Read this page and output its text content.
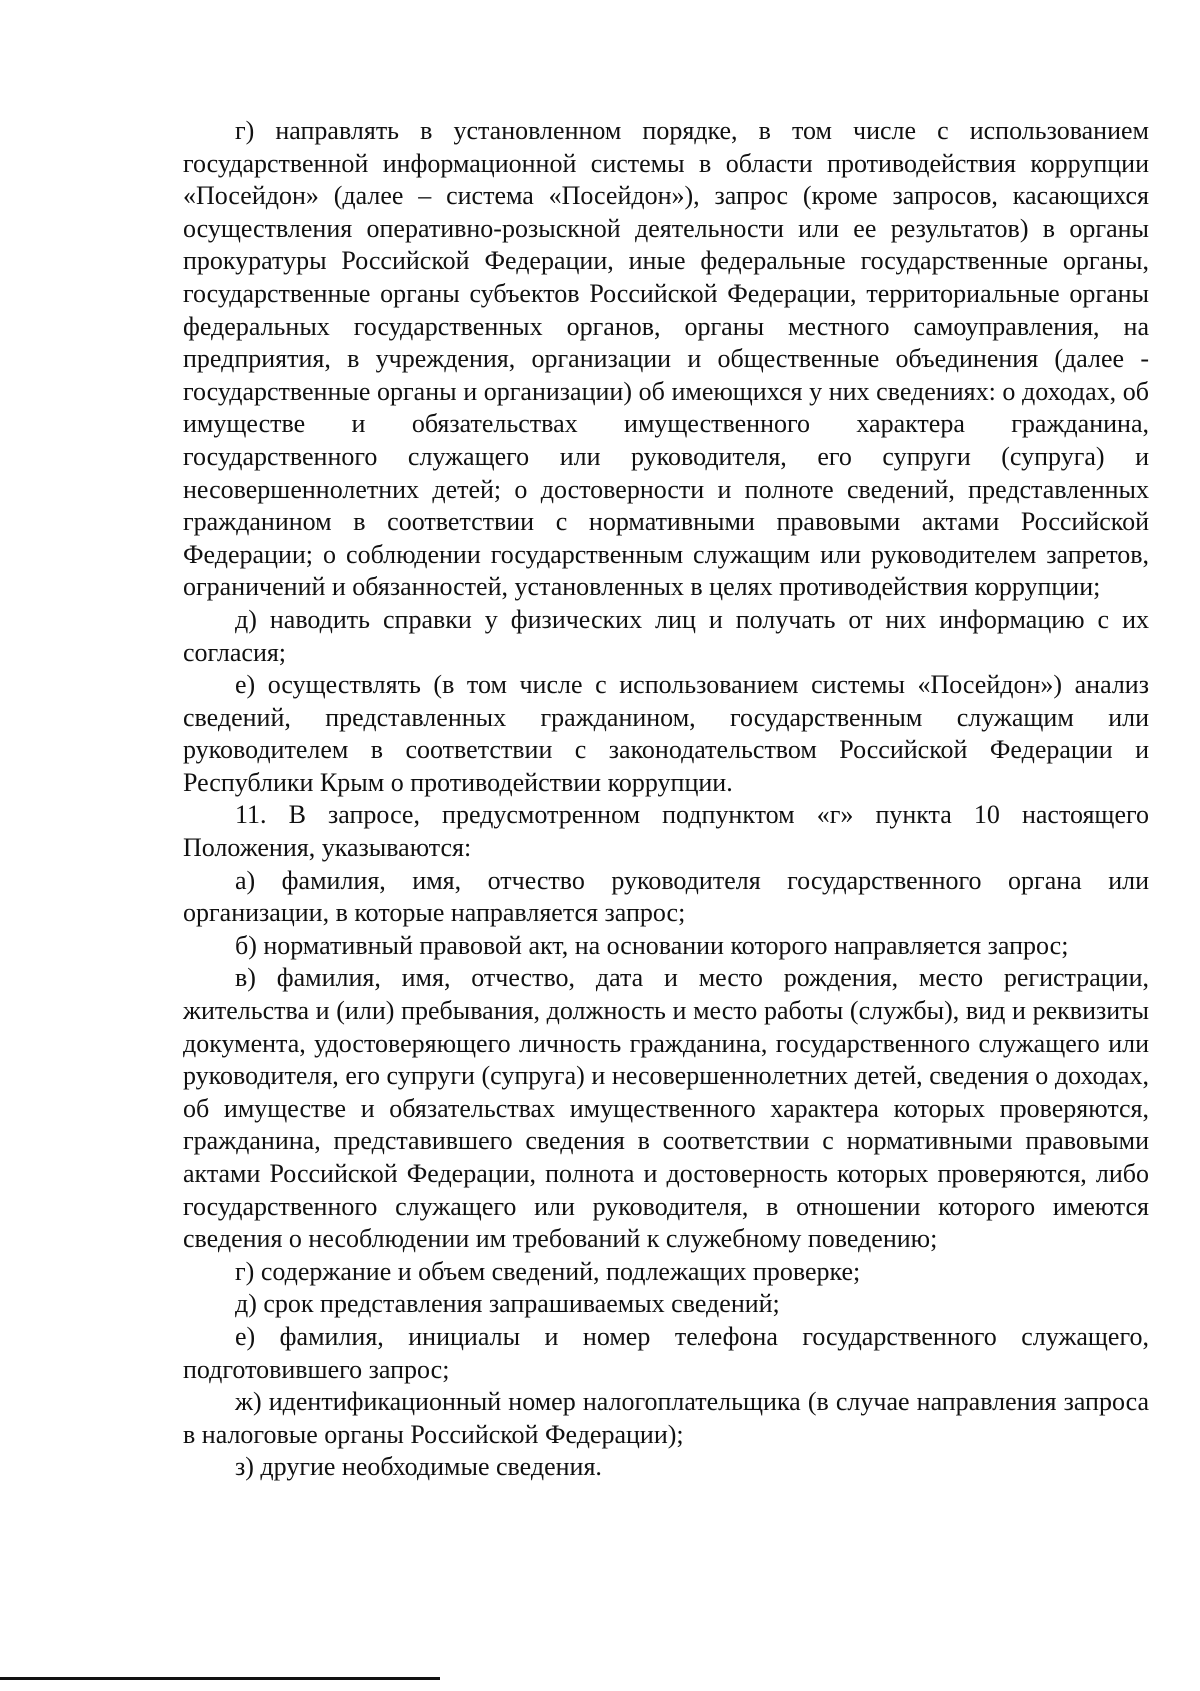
г) направлять в установленном порядке, в том числе с использованием государственной информационной системы в области противодействия коррупции «Посейдон» (далее – система «Посейдон»), запрос (кроме запросов, касающихся осуществления оперативно-розыскной деятельности или ее результатов) в органы прокуратуры Российской Федерации, иные федеральные государственные органы, государственные органы субъектов Российской Федерации, территориальные органы федеральных государственных органов, органы местного самоуправления, на предприятия, в учреждения, организации и общественные объединения (далее - государственные органы и организации) об имеющихся у них сведениях: о доходах, об имуществе и обязательствах имущественного характера гражданина, государственного служащего или руководителя, его супруги (супруга) и несовершеннолетних детей; о достоверности и полноте сведений, представленных гражданином в соответствии с нормативными правовыми актами Российской Федерации; о соблюдении государственным служащим или руководителем запретов, ограничений и обязанностей, установленных в целях противодействия коррупции;

д) наводить справки у физических лиц и получать от них информацию с их согласия;

е) осуществлять (в том числе с использованием системы «Посейдон») анализ сведений, представленных гражданином, государственным служащим или руководителем в соответствии с законодательством Российской Федерации и Республики Крым о противодействии коррупции.

11. В запросе, предусмотренном подпунктом «г» пункта 10 настоящего Положения, указываются:

а) фамилия, имя, отчество руководителя государственного органа или организации, в которые направляется запрос;

б) нормативный правовой акт, на основании которого направляется запрос;

в) фамилия, имя, отчество, дата и место рождения, место регистрации, жительства и (или) пребывания, должность и место работы (службы), вид и реквизиты документа, удостоверяющего личность гражданина, государственного служащего или руководителя, его супруги (супруга) и несовершеннолетних детей, сведения о доходах, об имуществе и обязательствах имущественного характера которых проверяются, гражданина, представившего сведения в соответствии с нормативными правовыми актами Российской Федерации, полнота и достоверность которых проверяются, либо государственного служащего или руководителя, в отношении которого имеются сведения о несоблюдении им требований к служебному поведению;

г) содержание и объем сведений, подлежащих проверке;

д) срок представления запрашиваемых сведений;

е) фамилия, инициалы и номер телефона государственного служащего, подготовившего запрос;

ж) идентификационный номер налогоплательщика (в случае направления запроса в налоговые органы Российской Федерации);

з) другие необходимые сведения.
